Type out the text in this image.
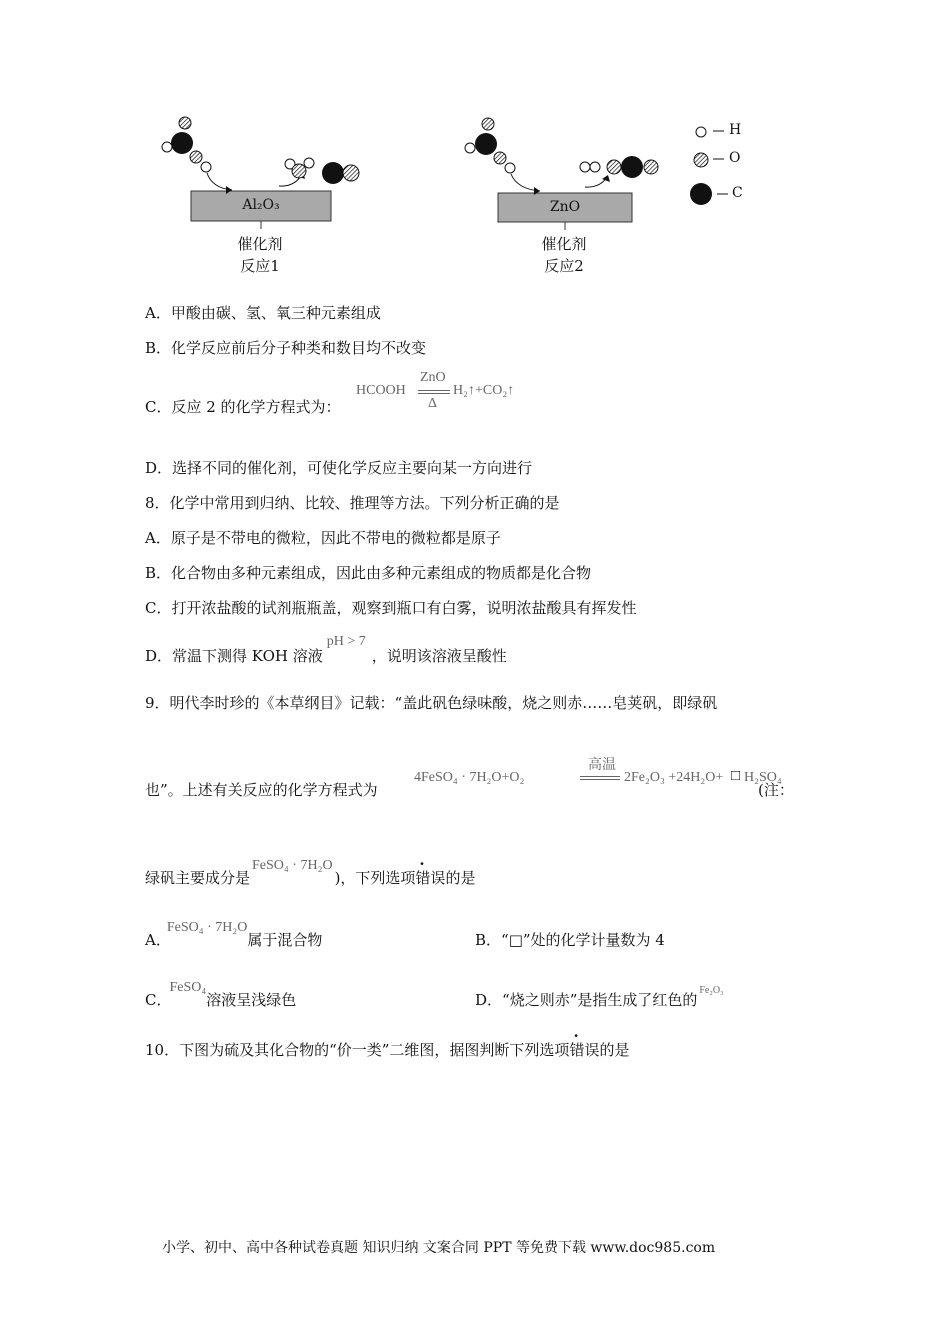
Al₂O₃	ZnO
催化剂
反应1
催化剂
反应2
H
O
C
A．甲酸由碳、氢、氧三种元素组成
B．化学反应前后分子种类和数目均不改变
C．反应 2 的化学方程式为：
HCOOH
ZnO
Δ
H₂↑+CO₂↑
D．选择不同的催化剂，可使化学反应主要向某一方向进行
8．化学中常用到归纳、比较、推理等方法。下列分析正确的是
A．原子是不带电的微粒，因此不带电的微粒都是原子
B．化合物由多种元素组成，因此由多种元素组成的物质都是化合物
C．打开浓盐酸的试剂瓶瓶盖，观察到瓶口有白雾，说明浓盐酸具有挥发性
D．常温下测得 KOH 溶液pH > 7，说明该溶液呈酸性
9．明代李时珍的《本草纲目》记载：“盖此矾色绿味酸，烧之则赤……皂荚矾，即绿矾
也”。上述有关反应的化学方程式为
4FeSO₄ · 7H₂O+O₂
高温
2Fe₂O₃ +24H₂O+ □ H₂SO₄
(注：
绿矾主要成分是FeSO₄ · 7H₂O)，下列选项错误的是
A．FeSO₄ · 7H₂O属于混合物	B．“□”处的化学计量数为 4
C．FeSO₄溶液呈浅绿色	D．“烧之则赤”是指生成了红色的$^{Fe_2O_3}$
10．下图为硫及其化合物的“价一类”二维图，据图判断下列选项错误的是
小学、初中、高中各种试卷真题 知识归纳 文案合同 PPT 等免费下载 www.doc985.com
